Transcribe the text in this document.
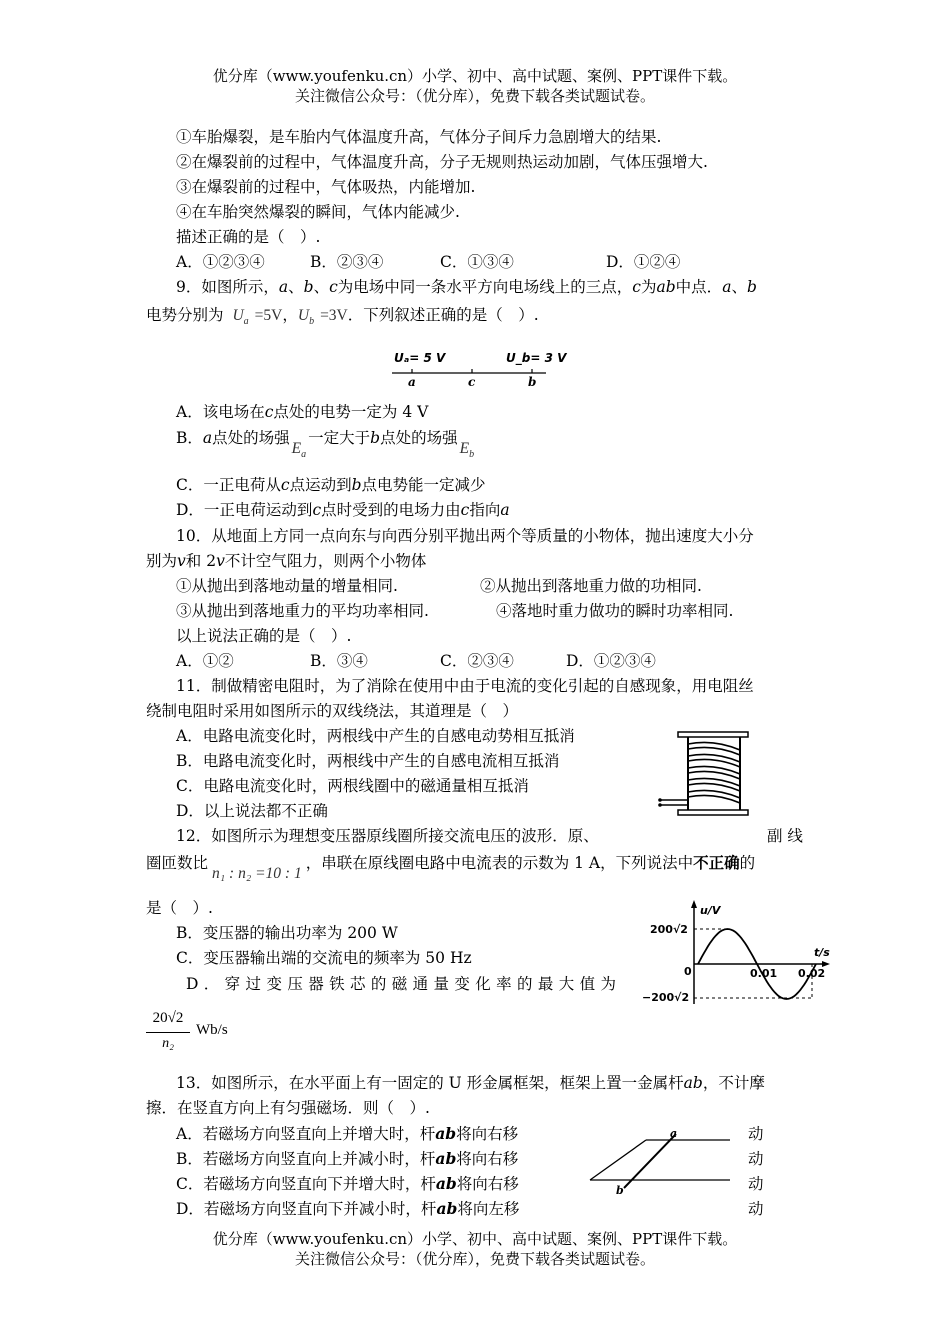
优分库（www.youfenku.cn）小学、初中、高中试题、案例、PPT课件下载。
关注微信公众号：（优分库），免费下载各类试题试卷。
①车胎爆裂，是车胎内气体温度升高，气体分子间斥力急剧增大的结果.
②在爆裂前的过程中，气体温度升高，分子无规则热运动加剧，气体压强增大.
③在爆裂前的过程中，气体吸热，内能增加.
④在车胎突然爆裂的瞬间，气体内能减少.
描述正确的是（　）.
A．①②③④	B．②③④	C．①③④	D．①②④
9．如图所示，a、b、c为电场中同一条水平方向电场线上的三点，c为ab中点．a、b
电势分别为 $U_a =5V$，$U_b =3V$．下列叙述正确的是（　）.
Uₐ= 5 V	U_b= 3 V
a	c	b
A．该电场在c点处的电势一定为 4 V
B．a点处的场强$E_a$一定大于b点处的场强$E_b$
C．一正电荷从c点运动到b点电势能一定减少
D．一正电荷运动到c点时受到的电场力由c指向a
10．从地面上方同一点向东与向西分别平抛出两个等质量的小物体，抛出速度大小分
别为v和 2v不计空气阻力，则两个小物体
①从抛出到落地动量的增量相同.	②从抛出到落地重力做的功相同.
③从抛出到落地重力的平均功率相同.	④落地时重力做功的瞬时功率相同.
以上说法正确的是（　）.
A．①②	B．③④	C．②③④	D．①②③④
11．制做精密电阻时，为了消除在使用中由于电流的变化引起的自感现象，用电阻丝
绕制电阻时采用如图所示的双线绕法，其道理是（　）
A．电路电流变化时，两根线中产生的自感电动势相互抵消
B．电路电流变化时，两根线中产生的自感电流相互抵消
C．电路电流变化时，两根线圈中的磁通量相互抵消
D．以上说法都不正确
12．如图所示为理想变压器原线圈所接交流电压的波形．原、	副 线
圈匝数比n₁ : n₂ =10 : 1，串联在原线圈电路中电流表的示数为 1 A，下列说法中不正确的
是（　）.
B．变压器的输出功率为 200 W
C．变压器输出端的交流电的频率为 50 Hz
D．穿过变压器铁芯的磁通量变化率的最大值为
20√2
n₂
Wb/s
u/V
t/s
200√2
−200√2
0	0.01 0.02
13．如图所示，在水平面上有一固定的 U 形金属框架，框架上置一金属杆ab，不计摩
擦．在竖直方向上有匀强磁场．则（　）.
A．若磁场方向竖直向上并增大时，杆ab将向右移	动
B．若磁场方向竖直向上并减小时，杆ab将向右移	动
C．若磁场方向竖直向下并增大时，杆ab将向右移	动
D．若磁场方向竖直向下并减小时，杆ab将向左移	动
a
b
优分库（www.youfenku.cn）小学、初中、高中试题、案例、PPT课件下载。
关注微信公众号：（优分库），免费下载各类试题试卷。
